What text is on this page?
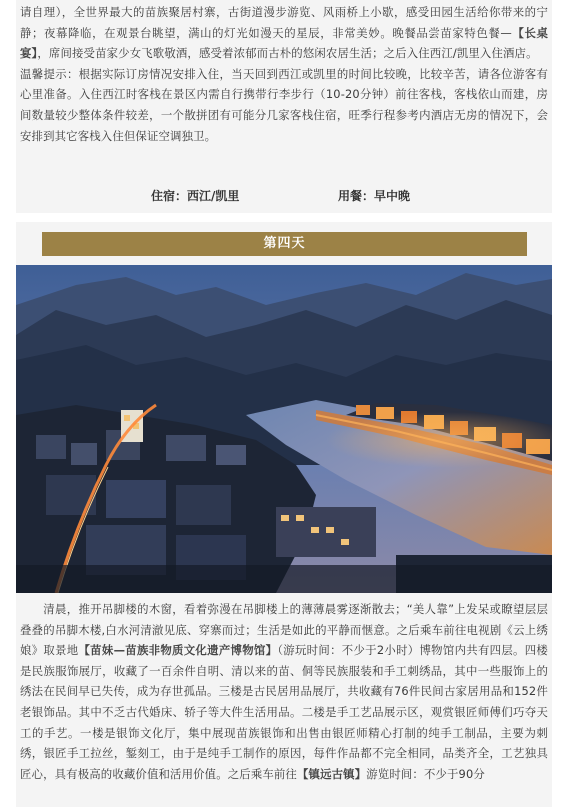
请自理），全世界最大的苗族聚居村寨，古街道漫步游览、风雨桥上小歇，感受田园生活给你带来的宁静；夜幕降临，在观景台眺望，满山的灯光如漫天的星辰，非常美妙。晚餐品尝苗家特色餐—【长桌宴】，席间接受苗家少女飞歌敬酒，感受着浓郁而古朴的悠闲农居生活；之后入住西江/凯里入住酒店。

温馨提示：根据实际订房情况安排入住，当天回到西江或凯里的时间比较晚，比较辛苦，请各位游客有心里准备。入住西江时客栈在景区内需自行携带行李步行（10-20分钟）前往客栈，客栈依山而建，房间数量较少整体条件较差，一个散拼团有可能分几家客栈住宿，旺季行程参考内酒店无房的情况下，会安排到其它客栈入住但保证空调独卫。

住宿：西江/凯里	用餐：早中晚
第四天

  清晨，推开吊脚楼的木窗，看着弥漫在吊脚楼上的薄薄晨雾逐渐散去；“美人靠”上发呆或瞭望层层叠叠的吊脚木楼,白水河清澈见底、穿寨而过；生活是如此的平静而惬意。之后乘车前往电视剧《云上绣娘》取景地【苗妹—苗族非物质文化遗产博物馆】（游玩时间：不少于2小时）博物馆内共有四层。四楼是民族服饰展厅，收藏了一百余件自明、清以来的苗、侗等民族服装和手工刺绣品，其中一些服饰上的绣法在民间早已失传，成为存世孤品。三楼是古民居用品展厅，共收藏有76件民间古家居用品和152件老银饰品。其中不乏古代婚床、轿子等大件生活用品。二楼是手工艺品展示区，观赏银匠师傅们巧夺天工的手艺。一楼是银饰文化厅，集中展现苗族银饰和出售由银匠师精心打制的纯手工制品，主要为刺绣，银匠手工拉丝，錾刻工，由于是纯手工制作的原因，每件作品都不完全相同，品类齐全，工艺独具匠心，具有极高的收藏价值和活用价值。之后乘车前往【镇远古镇】游览时间：不少于90分
